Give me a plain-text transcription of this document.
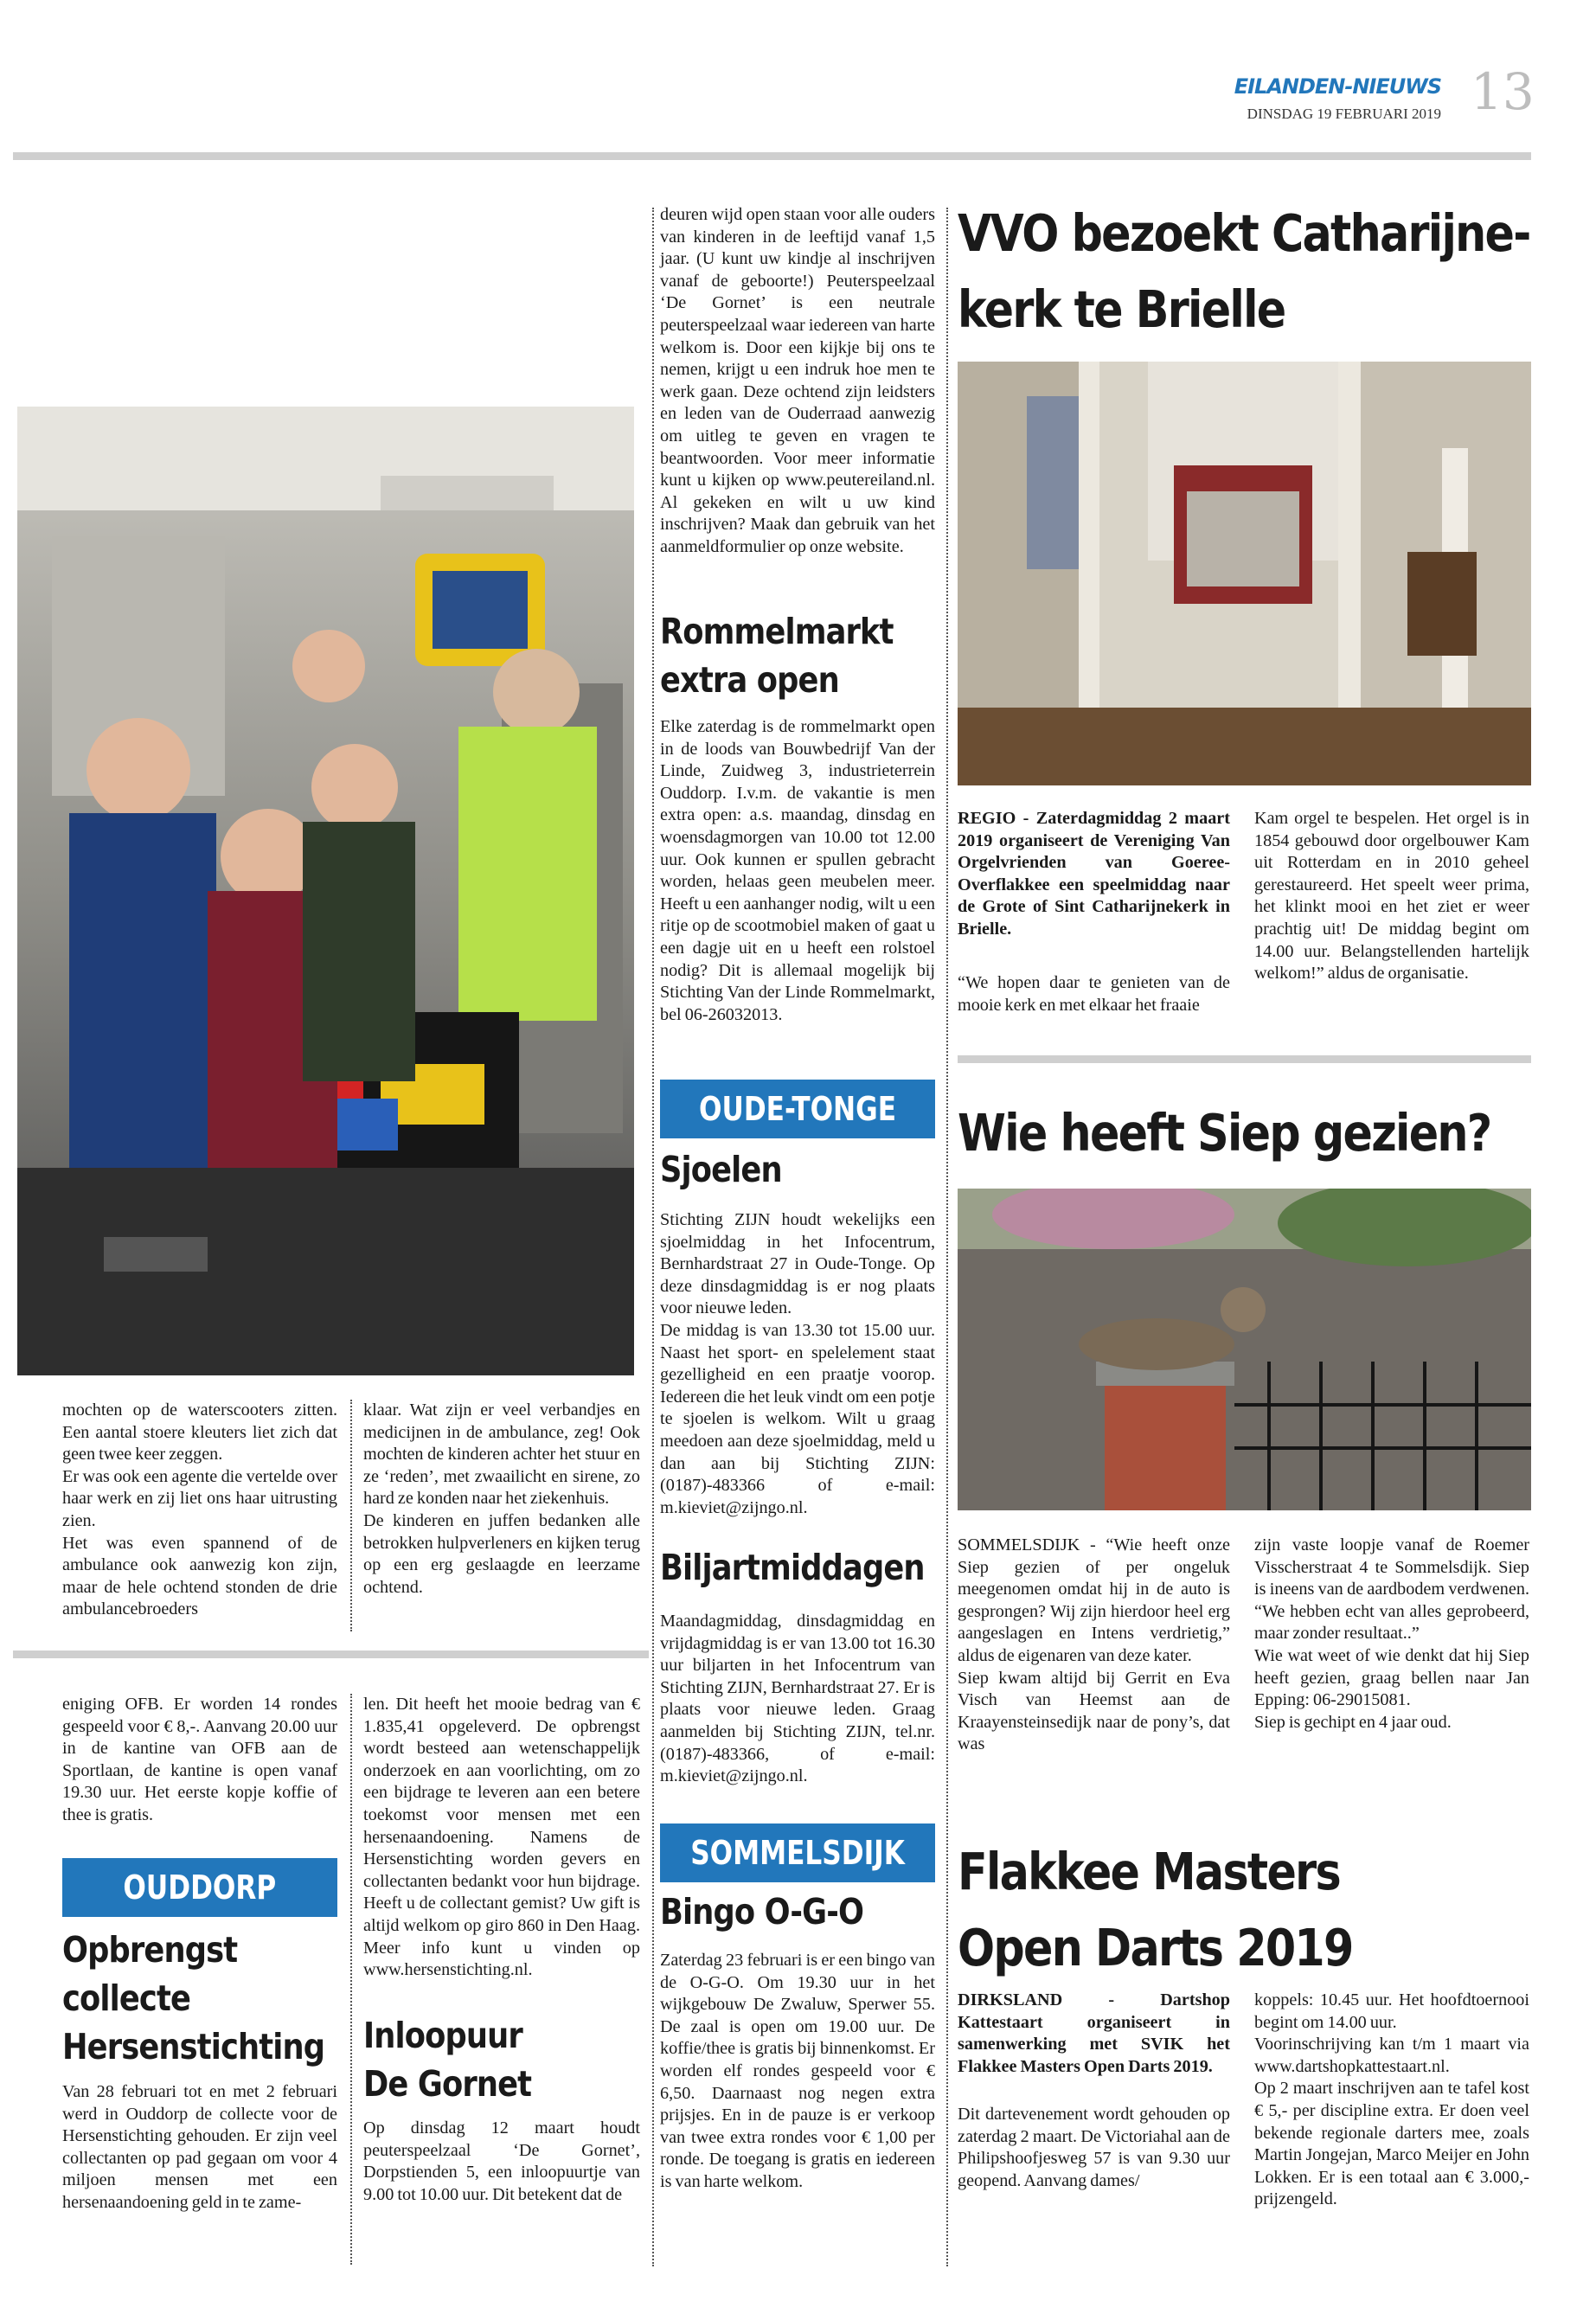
EILANDEN-NIEUWS
DINSDAG 19 FEBRUARI 2019 13
mochten op de waterscooters zitten. Een aantal stoere kleuters liet zich dat geen twee keer zeggen.
Er was ook een agente die vertelde over haar werk en zij liet ons haar uitrusting zien.
Het was even spannend of de ambulance ook aanwezig kon zijn, maar de hele ochtend stonden de drie ambulancebroeders
klaar. Wat zijn er veel verbandjes en medicijnen in de ambulance, zeg! Ook mochten de kinderen achter het stuur en ze ‘reden’, met zwaailicht en sirene, zo hard ze konden naar het ziekenhuis.
De kinderen en juffen bedanken alle betrokken hulpverleners en kijken terug op een erg geslaagde en leerzame ochtend.
eniging OFB. Er worden 14 rondes gespeeld voor € 8,-. Aanvang 20.00 uur in de kantine van OFB aan de Sportlaan, de kantine is open vanaf 19.30 uur. Het eerste kopje koffie of thee is gratis.
OUDDORP
Opbrengst
collecte
Hersenstichting
Van 28 februari tot en met 2 februari werd in Ouddorp de collecte voor de Hersenstichting gehouden. Er zijn veel collectanten op pad gegaan om voor 4 miljoen mensen met een hersenaandoening geld in te zame-
len. Dit heeft het mooie bedrag van € 1.835,41 opgeleverd. De opbrengst wordt besteed aan wetenschappelijk onderzoek en aan voorlichting, om zo een bijdrage te leveren aan een betere toekomst voor mensen met een hersenaandoening. Namens de Hersenstichting worden gevers en collectanten bedankt voor hun bijdrage. Heeft u de collectant gemist? Uw gift is altijd welkom op giro 860 in Den Haag. Meer info kunt u vinden op www.hersenstichting.nl.
Inloopuur
De Gornet
Op dinsdag 12 maart houdt peuterspeelzaal ‘De Gornet’, Dorpstienden 5, een inloopuurtje van 9.00 tot 10.00 uur. Dit betekent dat de
deuren wijd open staan voor alle ouders van kinderen in de leeftijd vanaf 1,5 jaar. (U kunt uw kindje al inschrijven vanaf de geboorte!) Peuterspeelzaal ‘De Gornet’ is een neutrale peuterspeelzaal waar iedereen van harte welkom is. Door een kijkje bij ons te nemen, krijgt u een indruk hoe men te werk gaan. Deze ochtend zijn leidsters en leden van de Ouderraad aanwezig om uitleg te geven en vragen te beantwoorden. Voor meer informatie kunt u kijken op www.peutereiland.nl. Al gekeken en wilt u uw kind inschrijven? Maak dan gebruik van het aanmeldformulier op onze website.
Rommelmarkt
extra open
Elke zaterdag is de rommelmarkt open in de loods van Bouwbedrijf Van der Linde, Zuidweg 3, industrieterrein Ouddorp. I.v.m. de vakantie is men extra open: a.s. maandag, dinsdag en woensdagmorgen van 10.00 tot 12.00 uur. Ook kunnen er spullen gebracht worden, helaas geen meubelen meer. Heeft u een aanhanger nodig, wilt u een ritje op de scootmobiel maken of gaat u een dagje uit en u heeft een rolstoel nodig? Dit is allemaal mogelijk bij Stichting Van der Linde Rommelmarkt, bel 06-26032013.
OUDE-TONGE
Sjoelen
Stichting ZIJN houdt wekelijks een sjoelmiddag in het Infocentrum, Bernhardstraat 27 in Oude-Tonge. Op deze dinsdagmiddag is er nog plaats voor nieuwe leden.
De middag is van 13.30 tot 15.00 uur. Naast het sport- en spelelement staat gezelligheid en een praatje voorop. Iedereen die het leuk vindt om een potje te sjoelen is welkom. Wilt u graag meedoen aan deze sjoelmiddag, meld u dan aan bij Stichting ZIJN: (0187)-483366 of e-mail: m.kieviet@zijngo.nl.
Biljartmiddagen
Maandagmiddag, dinsdagmiddag en vrijdagmiddag is er van 13.00 tot 16.30 uur biljarten in het Infocentrum van Stichting ZIJN, Bernhardstraat 27. Er is plaats voor nieuwe leden. Graag aanmelden bij Stichting ZIJN, tel.nr. (0187)-483366, of e-mail: m.kieviet@zijngo.nl.
SOMMELSDIJK
Bingo O-G-O
Zaterdag 23 februari is er een bingo van de O-G-O. Om 19.30 uur in het wijkgebouw De Zwaluw, Sperwer 55. De zaal is open om 19.00 uur. De koffie/thee is gratis bij binnenkomst. Er worden elf rondes gespeeld voor € 6,50. Daarnaast nog negen extra prijsjes. En in de pauze is er verkoop van twee extra rondes voor € 1,00 per ronde. De toegang is gratis en iedereen is van harte welkom.
VVO bezoekt Catharijne-
kerk te Brielle
REGIO - Zaterdagmiddag 2 maart 2019 organiseert de Vereniging Van Orgelvrienden van Goeree-Overflakkee een speelmiddag naar de Grote of Sint Catharijnekerk in Brielle.
“We hopen daar te genieten van de mooie kerk en met elkaar het fraaie
Kam orgel te bespelen. Het orgel is in 1854 gebouwd door orgelbouwer Kam uit Rotterdam en in 2010 geheel gerestaureerd. Het speelt weer prima, het klinkt mooi en het ziet er weer prachtig uit! De middag begint om 14.00 uur. Belangstellenden hartelijk welkom!” aldus de organisatie.
Wie heeft Siep gezien?
SOMMELSDIJK - “Wie heeft onze Siep gezien of per ongeluk meegenomen omdat hij in de auto is gesprongen? Wij zijn hierdoor heel erg aangeslagen en Intens verdrietig,” aldus de eigenaren van deze kater.
Siep kwam altijd bij Gerrit en Eva Visch van Heemst aan de Kraayensteinsedijk naar de pony’s, dat was
zijn vaste loopje vanaf de Roemer Visscherstraat 4 te Sommelsdijk. Siep is ineens van de aardbodem verdwenen. “We hebben echt van alles geprobeerd, maar zonder resultaat..”
Wie wat weet of wie denkt dat hij Siep heeft gezien, graag bellen naar Jan Epping: 06-29015081.
Siep is gechipt en 4 jaar oud.
Flakkee Masters
Open Darts 2019
DIRKSLAND - Dartshop Kattestaart organiseert in samenwerking met SVIK het Flakkee Masters Open Darts 2019.
Dit dartevenement wordt gehouden op zaterdag 2 maart. De Victoriahal aan de Philipshoofjesweg 57 is van 9.30 uur geopend. Aanvang dames/
koppels: 10.45 uur. Het hoofdtoernooi begint om 14.00 uur.
Voorinschrijving kan t/m 1 maart via www.dartshopkattestaart.nl.
Op 2 maart inschrijven aan te tafel kost € 5,- per discipline extra. Er doen veel bekende regionale darters mee, zoals Martin Jongejan, Marco Meijer en John Lokken. Er is een totaal aan € 3.000,- prijzengeld.
